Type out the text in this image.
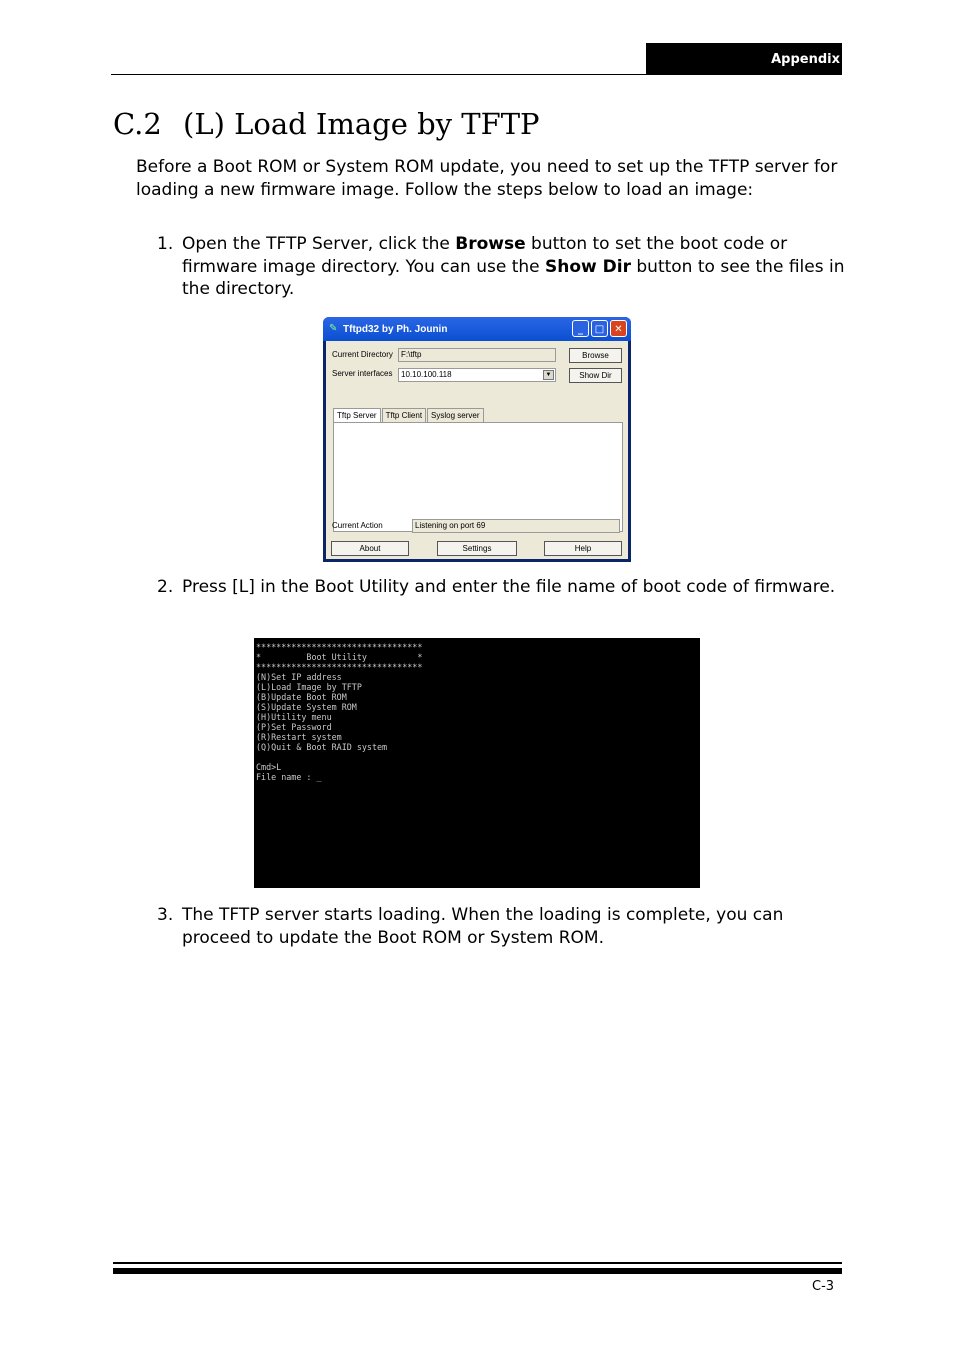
Appendix
C.2 (L) Load Image by TFTP
Before a Boot ROM or System ROM update, you need to set up the TFTP server for loading a new firmware image. Follow the steps below to load an image:
1. Open the TFTP Server, click the Browse button to set the boot code or firmware image directory. You can use the Show Dir button to see the files in the directory.
✎ Tftpd32 by Ph. Jounin	_	□	✕
Current Directory	F:\tftp	Browse
Server interfaces	10.10.100.118	▼	Show Dir
Tftp Server	Tftp Client	Syslog server
Current Action	Listening on port 69
About	Settings	Help
2. Press [L] in the Boot Utility and enter the file name of boot code of firmware.
*********************************
*         Boot Utility          *
*********************************
(N)Set IP address
(L)Load Image by TFTP
(B)Update Boot ROM
(S)Update System ROM
(H)Utility menu
(P)Set Password
(R)Restart system
(Q)Quit & Boot RAID system

Cmd>L
File name : _
3. The TFTP server starts loading. When the loading is complete, you can proceed to update the Boot ROM or System ROM.
C-3
